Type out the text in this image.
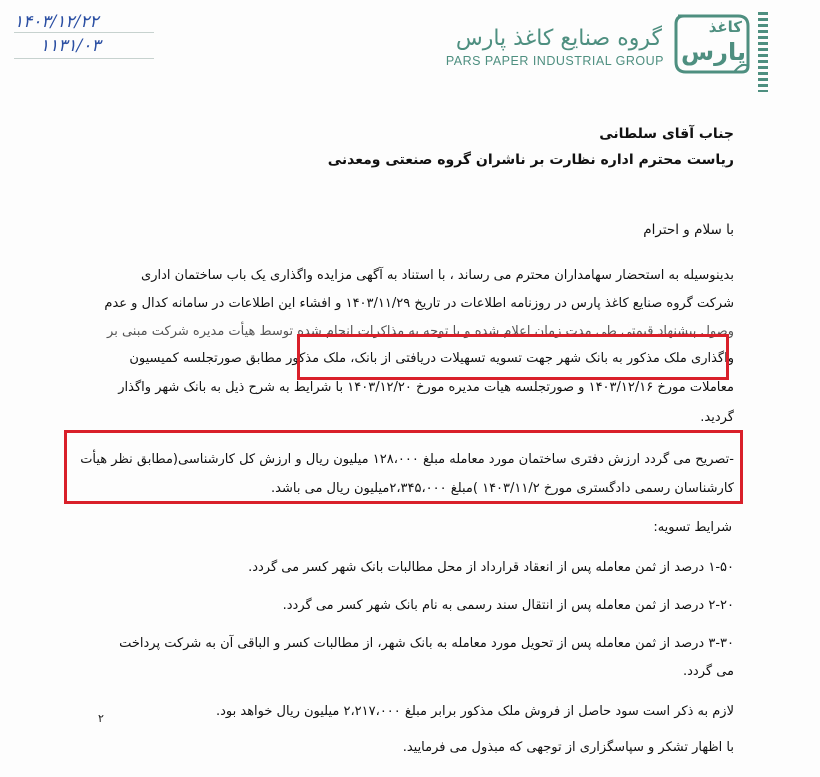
۱۴۰۳/۱۲/۲۲
۱۱۳۱/۰۳	گروه صنایع کاغذ پارس
PARS PAPER INDUSTRIAL GROUP
کاغذ
پارس
جناب آقای سلطانی
ریاست محترم اداره نظارت بر ناشران گروه صنعتی ومعدنی
با سلام و احترام
بدینوسیله به استحضار سهامداران محترم می رساند ، با استناد به آگهی مزایده واگذاری یک باب ساختمان اداری
شرکت گروه صنایع کاغذ پارس در روزنامه اطلاعات در تاریخ ۱۴۰۳/۱۱/۲۹ و افشاء این اطلاعات در سامانه کدال و عدم
وصول پیشنهاد قیمتی طی مدت زمان اعلام شده و با توجه به مذاکرات انجام شده توسط هیأت مدیره شرکت مبنی بر
واگذاری ملک مذکور به بانک شهر جهت تسویه تسهیلات دریافتی از بانک، ملک مذکور مطابق صورتجلسه کمیسیون
معاملات مورخ ۱۴۰۳/۱۲/۱۶ و صورتجلسه هیأت مدیره مورخ ۱۴۰۳/۱۲/۲۰ با شرایط به شرح ذیل به بانک شهر واگذار
گردید.
-تصریح می گردد ارزش دفتری ساختمان مورد معامله مبلغ ۱۲۸،۰۰۰ میلیون ریال و ارزش کل کارشناسی(مطابق نظر هیأت
کارشناسان رسمی دادگستری مورخ ۱۴۰۳/۱۱/۲ )مبلغ ۲،۳۴۵،۰۰۰میلیون ریال می باشد.
شرایط تسویه:
۱-۵۰ درصد از ثمن معامله پس از انعقاد قرارداد از محل مطالبات بانک شهر کسر می گردد.
۲-۲۰ درصد از ثمن معامله پس از انتقال سند رسمی به نام بانک شهر کسر می گردد.
۳-۳۰ درصد از ثمن معامله پس از تحویل مورد معامله به بانک شهر، از مطالبات کسر و الباقی آن به شرکت پرداخت
می گردد.
لازم به ذکر است سود حاصل از فروش ملک مذکور برابر مبلغ ۲،۲۱۷،۰۰۰ میلیون ریال خواهد بود.
با اظهار تشکر و سپاسگزاری از توجهی که مبذول می فرمایید.
۲
